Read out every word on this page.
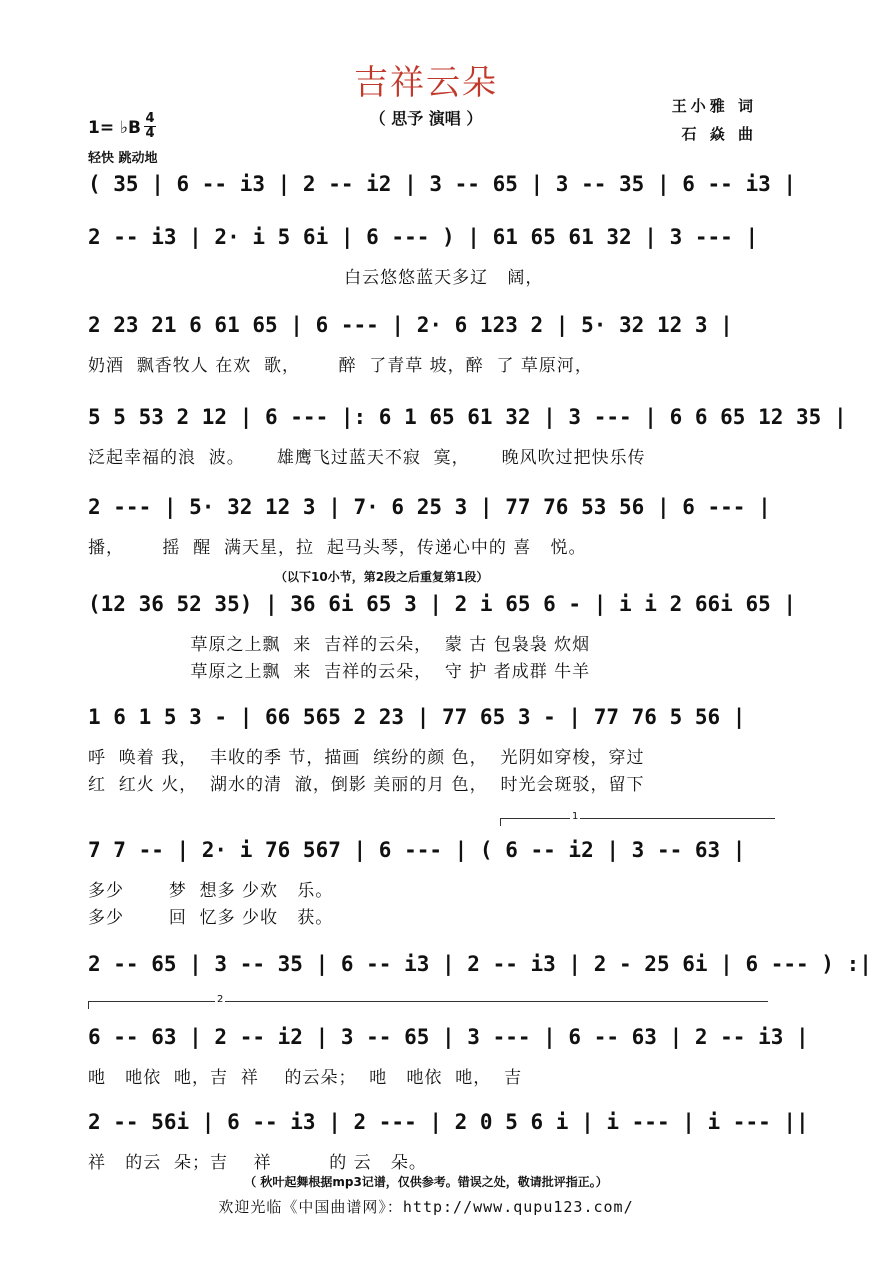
吉祥云朵
（ 思予 演唱 ）
王小雅 词
石 焱 曲
1= ♭B 4
4
轻快 跳动地
( 35 | 6 -- i3 | 2 -- i2 | 3 -- 65 | 3 -- 35 | 6 -- i3 |
2 -- i3 | 2· i 5 6i | 6 --- ) | 61 65 61 32 | 3 --- |
白云悠悠蓝天多辽   阔，
2 23 21 6 61 65 | 6 --- | 2· 6 123 2 | 5· 32 12 3 |
奶酒  飘香牧人 在欢  歌，      醉  了青草 坡，醉  了 草原河，
5 5 53 2 12 | 6 --- |: 6 1 65 61 32 | 3 --- | 6 6 65 12 35 |
泛起幸福的浪  波。     雄鹰飞过蓝天不寂  寞，     晚风吹过把快乐传
2 --- | 5· 32 12 3 | 7· 6 25 3 | 77 76 53 56 | 6 --- |
播，      摇  醒  满天星，拉  起马头琴，传递心中的 喜   悦。
(12 36 52 35) | 36 6i 65 3 | 2 i 65 6 - | i i 2 66i 65 |
草原之上飘  来  吉祥的云朵，  蒙 古 包袅袅 炊烟
草原之上飘  来  吉祥的云朵，  守 护 者成群 牛羊
1 6 1 5 3 - | 66 565 2 23 | 77 65 3 - | 77 76 5 56 |
呼  唤着 我，  丰收的季 节，描画  缤纷的颜 色，  光阴如穿梭，穿过
红  红火 火，  湖水的清  澈，倒影 美丽的月 色，  时光会斑驳，留下
7 7 -- | 2· i 76 567 | 6 --- | ( 6 -- i2 | 3 -- 63 |
多少       梦  想多 少欢   乐。
多少       回  忆多 少收   获。
2 -- 65 | 3 -- 35 | 6 -- i3 | 2 -- i3 | 2 - 25 6i | 6 --- ) :|
6 -- 63 | 2 -- i2 | 3 -- 65 | 3 --- | 6 -- 63 | 2 -- i3 |
吔   吔依  吔，吉  祥    的云朵；  吔   吔依  吔，  吉
2 -- 56i | 6 -- i3 | 2 --- | 2 0 5 6 i | i --- | i --- ||
祥   的云  朵；吉    祥         的 云   朵。
（以下10小节，第2段之后重复第1段）
1
2
（ 秋叶起舞根据mp3记谱，仅供参考。错误之处，敬请批评指正。）
欢迎光临《中国曲谱网》：http://www.qupu123.com/
